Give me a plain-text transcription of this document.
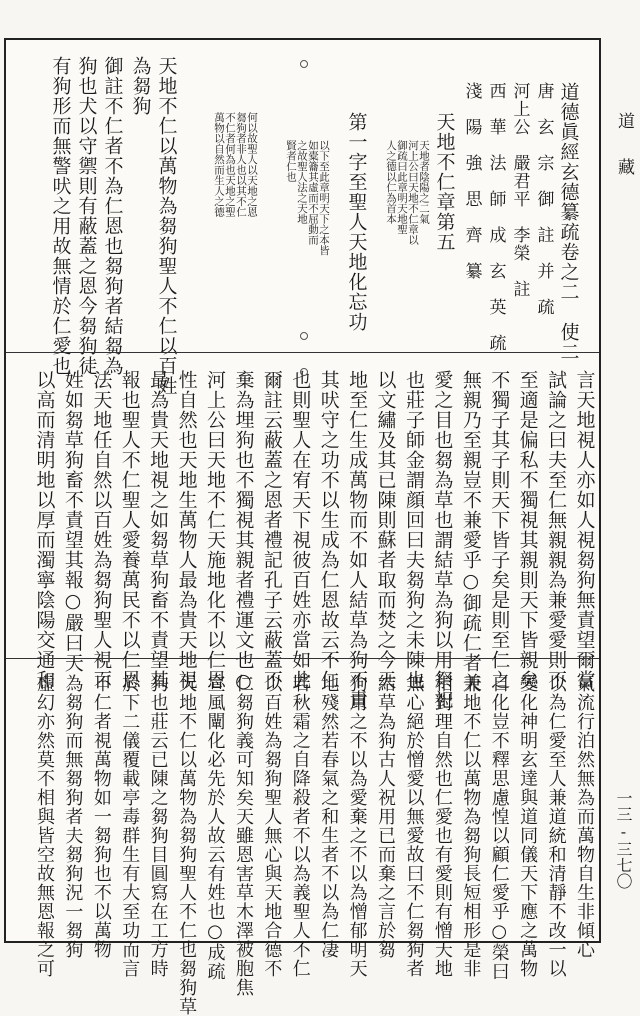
道德眞經玄德纂疏卷之二　使二
唐　玄　宗　御　註　并　疏
河上公　嚴君平　李榮　註
西　華　法　師　成　玄　英　疏
淺　陽　強　思　齊　纂
天地不仁章第五
天地者陰陽之二氣
河上公曰天地不仁章以
御疏曰此章明天地聖
人之德以仁為首本
第一字至聖人天地化忘功
以下至此章明天下之本皆
如橐籥其虛而不屈動而
之故聖人法之天地
賢者仁也
何以故聖人以天地之恩
芻狗者非人也以其不仁
不仁者何為也天地之聖
萬物以自然而生人之德
天地不仁以萬物為芻狗聖人不仁以百姓
為芻狗
御註不仁者不為仁恩也芻狗者結芻為
狗也犬以守禦則有蔽蓋之恩今芻狗徒
有狗形而無警吠之用故無情於仁愛也
言天地視人亦如人視芻狗無責望爾當
試論之曰夫至仁無親親為兼愛愛則不
至適是偏私不獨視其親則天下皆親矣
不獨子其子則天下皆子矣是則至仁之
無親乃至親豈不兼愛乎○御疏仁者兼
愛之目也芻為草也謂結草為狗以用祭祀
也莊子師金謂顔回曰夫芻狗之未陳也
以文繡及其已陳則蘇者取而焚之今天
地至仁生成萬物而不如人結草為狗不責
其吠守之功不以生成為仁恩故云不仁
也則聖人在宥天下視彼百姓亦當如此
爾註云蔽蓋之恩者禮記孔子云蔽蓋不
棄為埋狗也不獨視其親者禮運文也○
河上公曰天地不仁天施地化不以仁恩
性自然也天地生萬物人最為貴天地視
最為貴天地視之如芻草狗畜不責望其
報也聖人不仁聖人愛養萬民不以仁恩
法天地任自然以百姓為芻狗聖人視百
姓如芻草狗畜不責望其報○嚴曰天
以高而清明地以厚而濁寧陰陽交通和
氣流行泊然無為而萬物自生非傾心
以為仁愛至人兼道統和清靜不改一以
變化神明玄達與道同儀天下應之萬物
自化豈不釋思慮惶以顧仁愛乎○榮曰
天地不仁以萬物為芻狗長短相形是非
相對理自然也仁愛也有愛則有憎天地
無心絕於憎愛以無愛故曰不仁芻狗者
結草為狗古人祝用已而棄之言於芻
狗用之不以為愛棄之不以為憎郁明天
地殘然若春氣之和生者不以為仁凄
若秋霜之自降殺者不以為義聖人不仁
以百姓為芻狗聖人無心與天地合德不
仁芻狗義可知矣天雖恩害草木澤被胞焦
宣風闡化必先於人故云有姓也○成疏
天地不仁以萬物為芻狗聖人不仁也芻狗草
狗也莊云已陳之芻狗目圓寫在工方時
於下二儀覆載亭毒群生有大至功而言
不仁者視萬物如一芻狗也不以萬物
為芻狗而無芻狗者夫芻狗況一芻狗
虛幻亦然莫不相與皆空故無恩報之可
道　藏
一三-三七〇
